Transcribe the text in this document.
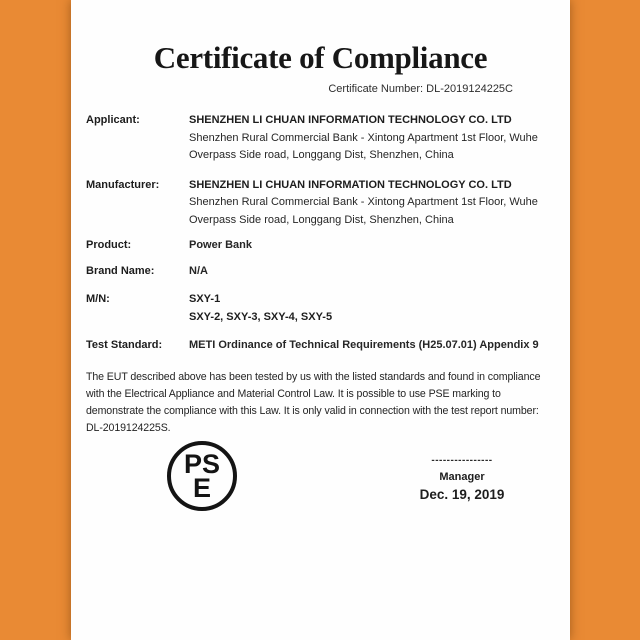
Certificate of Compliance
Certificate Number: DL-2019124225C
Applicant:	SHENZHEN LI CHUAN INFORMATION TECHNOLOGY CO. LTD
Shenzhen Rural Commercial Bank - Xintong Apartment 1st Floor, Wuhe
Overpass Side road, Longgang Dist, Shenzhen, China
Manufacturer:	SHENZHEN LI CHUAN INFORMATION TECHNOLOGY CO. LTD
Shenzhen Rural Commercial Bank - Xintong Apartment 1st Floor, Wuhe
Overpass Side road, Longgang Dist, Shenzhen, China
Product:	Power Bank
Brand Name:	N/A
M/N:	SXY-1
SXY-2, SXY-3, SXY-4, SXY-5
Test Standard:	METI Ordinance of Technical Requirements (H25.07.01) Appendix 9

The EUT described above has been tested by us with the listed standards and found in compliance with the Electrical Appliance and Material Control Law. It is possible to use PSE marking to demonstrate the compliance with this Law. It is only valid in connection with the test report number: DL-2019124225S.

PS
E
----------------
Manager
Dec. 19, 2019
